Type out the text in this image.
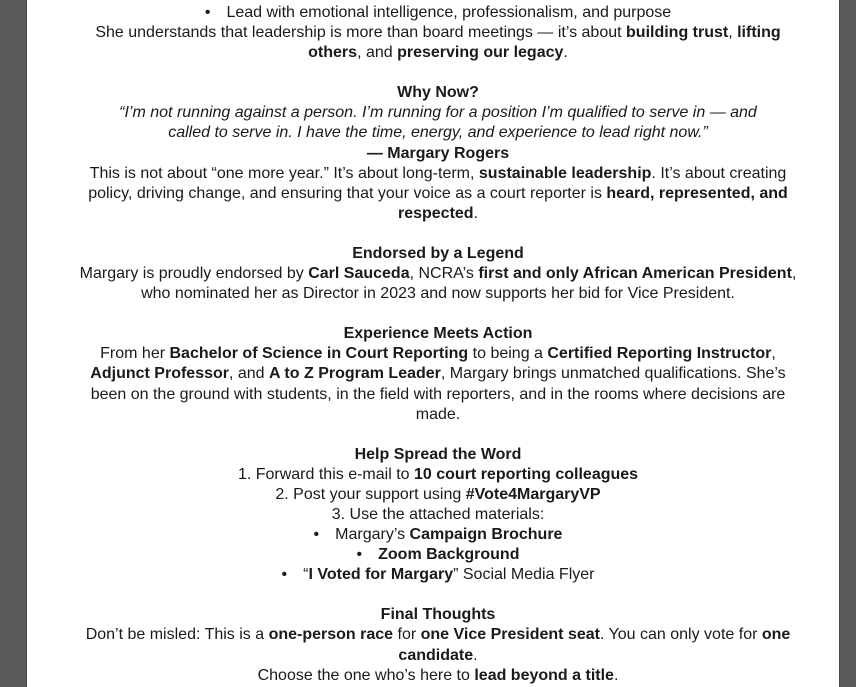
• Lead with emotional intelligence, professionalism, and purpose

She understands that leadership is more than board meetings — it’s about building trust, lifting others, and preserving our legacy.

Why Now?

“I’m not running against a person. I’m running for a position I’m qualified to serve in — and called to serve in. I have the time, energy, and experience to lead right now.”

— Margary Rogers

This is not about “one more year.” It’s about long-term, sustainable leadership. It’s about creating policy, driving change, and ensuring that your voice as a court reporter is heard, represented, and respected.

Endorsed by a Legend

Margary is proudly endorsed by Carl Sauceda, NCRA’s first and only African American President, who nominated her as Director in 2023 and now supports her bid for Vice President.

Experience Meets Action

From her Bachelor of Science in Court Reporting to being a Certified Reporting Instructor, Adjunct Professor, and A to Z Program Leader, Margary brings unmatched qualifications. She’s been on the ground with students, in the field with reporters, and in the rooms where decisions are made.

Help Spread the Word

1. Forward this e-mail to 10 court reporting colleagues

2. Post your support using #Vote4MargaryVP

3. Use the attached materials:

• Margary’s Campaign Brochure

• Zoom Background

• “I Voted for Margary” Social Media Flyer

Final Thoughts

Don’t be misled: This is a one-person race for one Vice President seat. You can only vote for one candidate.

Choose the one who’s here to lead beyond a title.
